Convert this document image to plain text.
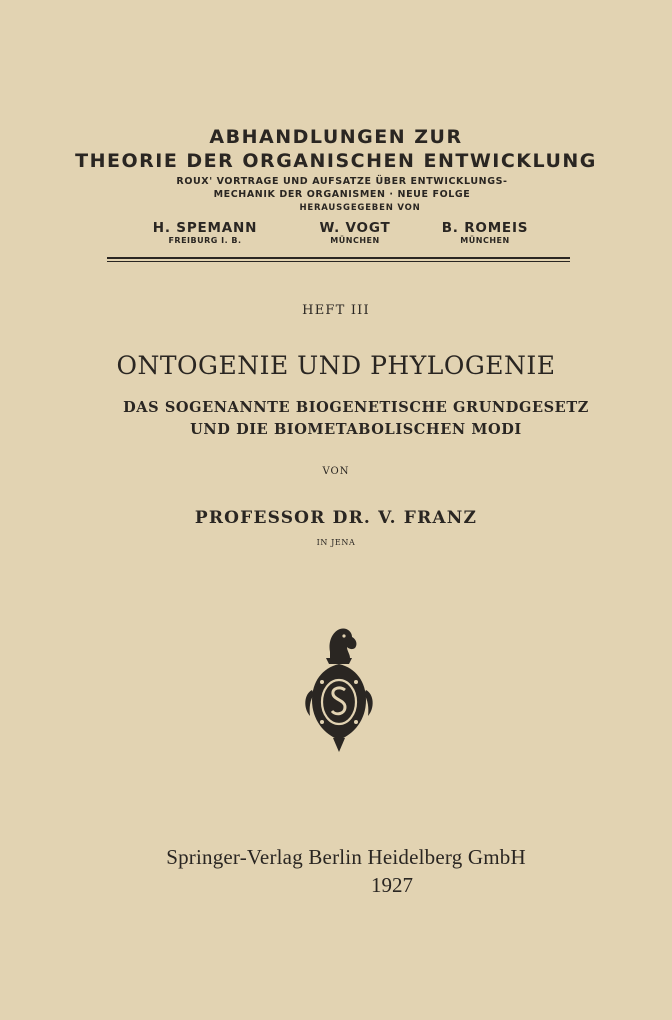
ABHANDLUNGEN ZUR
THEORIE DER ORGANISCHEN ENTWICKLUNG
ROUX' VORTRAGE UND AUFSATZE ÜBER ENTWICKLUNGS-
MECHANIK DER ORGANISMEN · NEUE FOLGE
HERAUSGEGEBEN VON
H. SPEMANN
FREIBURG I. B.
W. VOGT
MÜNCHEN
B. ROMEIS
MÜNCHEN
HEFT III
ONTOGENIE UND PHYLOGENIE
DAS SOGENANNTE BIOGENETISCHE GRUNDGESETZ
UND DIE BIOMETABOLISCHEN MODI
VON
PROFESSOR DR. V. FRANZ
IN JENA
Springer-Verlag Berlin Heidelberg GmbH
1927
